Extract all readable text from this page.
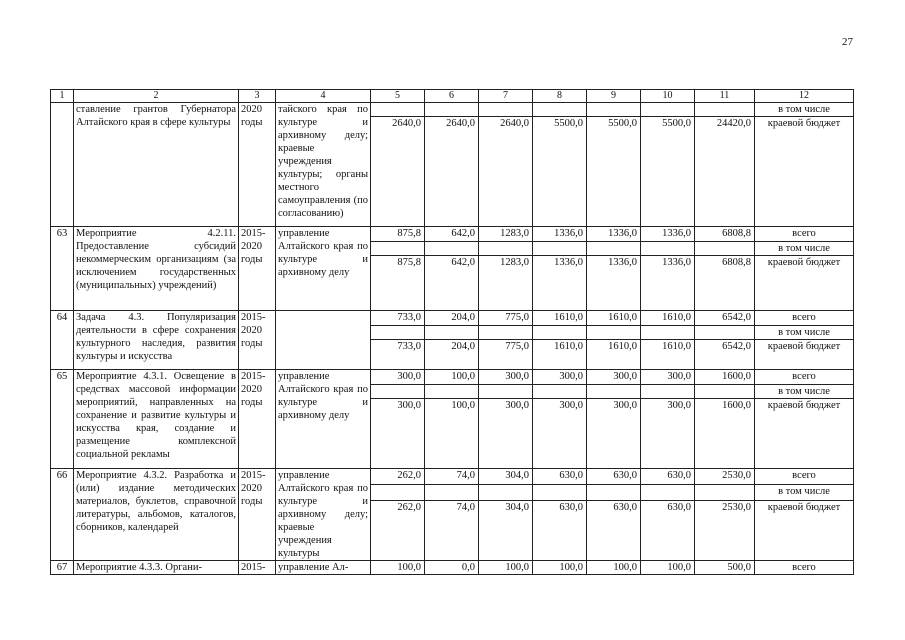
27
1	2	3	4	5	6	7	8	9	10	11	12
	ставление грантов Губернатора Алтайского края в сфере культуры	2020 годы	тайского края по культуре и архивному делу; краевые учреждения культуры; органы местного самоуправления (по согласованию)								в том числе
				2640,0	2640,0	2640,0	5500,0	5500,0	5500,0	24420,0	краевой бюджет
63	Мероприятие 4.2.11. Предоставление субсидий некоммерческим организациям (за исключением государственных (муниципальных) учреждений)	2015-2020 годы	управление Алтайского края по культуре и архивному делу	875,8	642,0	1283,0	1336,0	1336,0	1336,0	6808,8	всего
											в том числе
				875,8	642,0	1283,0	1336,0	1336,0	1336,0	6808,8	краевой бюджет
64	Задача 4.3. Популяризация деятельности в сфере сохранения культурного наследия, развития культуры и искусства	2015-2020 годы		733,0	204,0	775,0	1610,0	1610,0	1610,0	6542,0	всего
											в том числе
				733,0	204,0	775,0	1610,0	1610,0	1610,0	6542,0	краевой бюджет
65	Мероприятие 4.3.1. Освещение в средствах массовой информации мероприятий, направленных на сохранение и развитие культуры и искусства края, создание и размещение комплексной социальной рекламы	2015-2020 годы	управление Алтайского края по культуре и архивному делу	300,0	100,0	300,0	300,0	300,0	300,0	1600,0	всего
											в том числе
				300,0	100,0	300,0	300,0	300,0	300,0	1600,0	краевой бюджет
66	Мероприятие 4.3.2. Разработка и (или) издание методических материалов, буклетов, справочной литературы, альбомов, каталогов, сборников, календарей	2015-2020 годы	управление Алтайского края по культуре и архивному делу; краевые учреждения культуры	262,0	74,0	304,0	630,0	630,0	630,0	2530,0	всего
											в том числе
				262,0	74,0	304,0	630,0	630,0	630,0	2530,0	краевой бюджет
67	Мероприятие 4.3.3. Органи-	2015-	управление Ал-	100,0	0,0	100,0	100,0	100,0	100,0	500,0	всего
